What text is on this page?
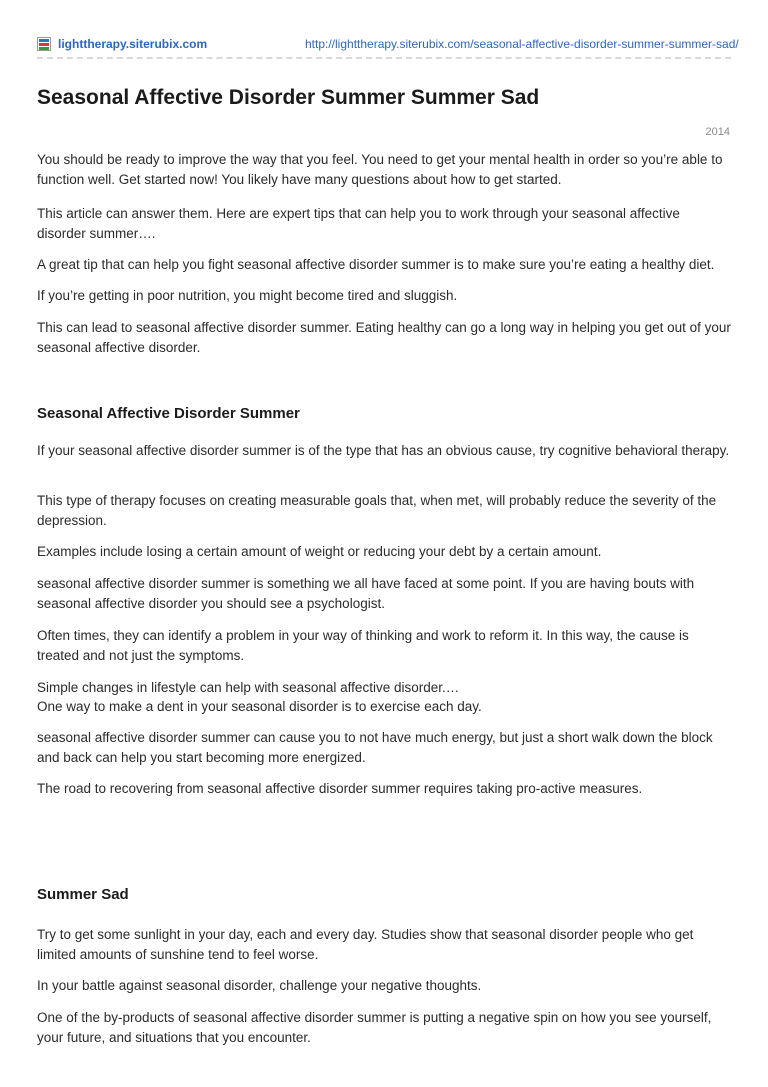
lighttherapy.siterubix.com	http://lighttherapy.siterubix.com/seasonal-affective-disorder-summer-summer-sad/
Seasonal Affective Disorder Summer Summer Sad
2014

You should be ready to improve the way that you feel. You need to get your mental health in order so you’re able to function well. Get started now! You likely have many questions about how to get started.

This article can answer them. Here are expert tips that can help you to work through your seasonal affective disorder summer….

A great tip that can help you fight seasonal affective disorder summer is to make sure you’re eating a healthy diet.

If you’re getting in poor nutrition, you might become tired and sluggish.

This can lead to seasonal affective disorder summer. Eating healthy can go a long way in helping you get out of your seasonal affective disorder.

Seasonal Affective Disorder Summer

If your seasonal affective disorder summer is of the type that has an obvious cause, try cognitive behavioral therapy.

This type of therapy focuses on creating measurable goals that, when met, will probably reduce the severity of the depression.

Examples include losing a certain amount of weight or reducing your debt by a certain amount.

seasonal affective disorder summer is something we all have faced at some point. If you are having bouts with seasonal affective disorder you should see a psychologist.

Often times, they can identify a problem in your way of thinking and work to reform it. In this way, the cause is treated and not just the symptoms.

Simple changes in lifestyle can help with seasonal affective disorder.…

One way to make a dent in your seasonal disorder is to exercise each day.

seasonal affective disorder summer can cause you to not have much energy, but just a short walk down the block and back can help you start becoming more energized.

The road to recovering from seasonal affective disorder summer requires taking pro-active measures.

Summer Sad

Try to get some sunlight in your day, each and every day. Studies show that seasonal disorder people who get limited amounts of sunshine tend to feel worse.

In your battle against seasonal disorder, challenge your negative thoughts.

One of the by-products of seasonal affective disorder summer is putting a negative spin on how you see yourself, your future, and situations that you encounter.
